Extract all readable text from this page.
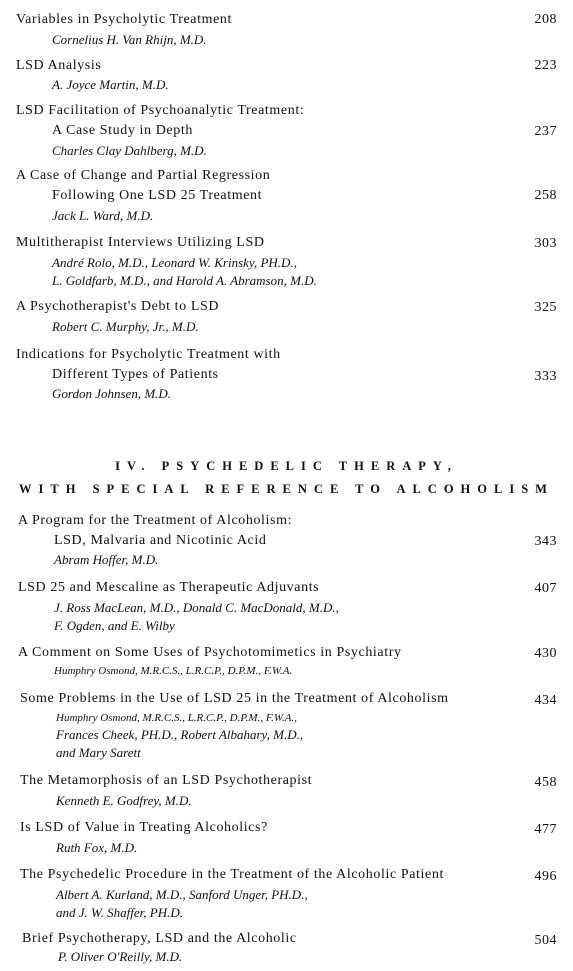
Variables in Psycholytic Treatment
Cornelius H. Van Rhijn, M.D.
208
LSD Analysis
A. Joyce Martin, M.D.
223
LSD Facilitation of Psychoanalytic Treatment:
A Case Study in Depth
Charles Clay Dahlberg, M.D.
237
A Case of Change and Partial Regression
Following One LSD 25 Treatment
Jack L. Ward, M.D.
258
Multitherapist Interviews Utilizing LSD
André Rolo, M.D., Leonard W. Krinsky, PH.D.,
L. Goldfarb, M.D., and Harold A. Abramson, M.D.
303
A Psychotherapist's Debt to LSD
Robert C. Murphy, Jr., M.D.
325
Indications for Psycholytic Treatment with
Different Types of Patients
Gordon Johnsen, M.D.
333
IV. PSYCHEDELIC THERAPY,
WITH SPECIAL REFERENCE TO ALCOHOLISM
A Program for the Treatment of Alcoholism:
LSD, Malvaria and Nicotinic Acid
Abram Hoffer, M.D.
343
LSD 25 and Mescaline as Therapeutic Adjuvants
J. Ross MacLean, M.D., Donald C. MacDonald, M.D.,
F. Ogden, and E. Wilby
407
A Comment on Some Uses of Psychotomimetics in Psychiatry
Humphry Osmond, M.R.C.S., L.R.C.P., D.P.M., F.W.A.
430
Some Problems in the Use of LSD 25 in the Treatment of Alcoholism
Humphry Osmond, M.R.C.S., L.R.C.P., D.P.M., F.W.A.,
Frances Cheek, PH.D., Robert Albahary, M.D.,
and Mary Sarett
434
The Metamorphosis of an LSD Psychotherapist
Kenneth E. Godfrey, M.D.
458
Is LSD of Value in Treating Alcoholics?
Ruth Fox, M.D.
477
The Psychedelic Procedure in the Treatment of the Alcoholic Patient
Albert A. Kurland, M.D., Sanford Unger, PH.D.,
and J. W. Shaffer, PH.D.
496
Brief Psychotherapy, LSD and the Alcoholic
P. Oliver O'Reilly, M.D.
504
